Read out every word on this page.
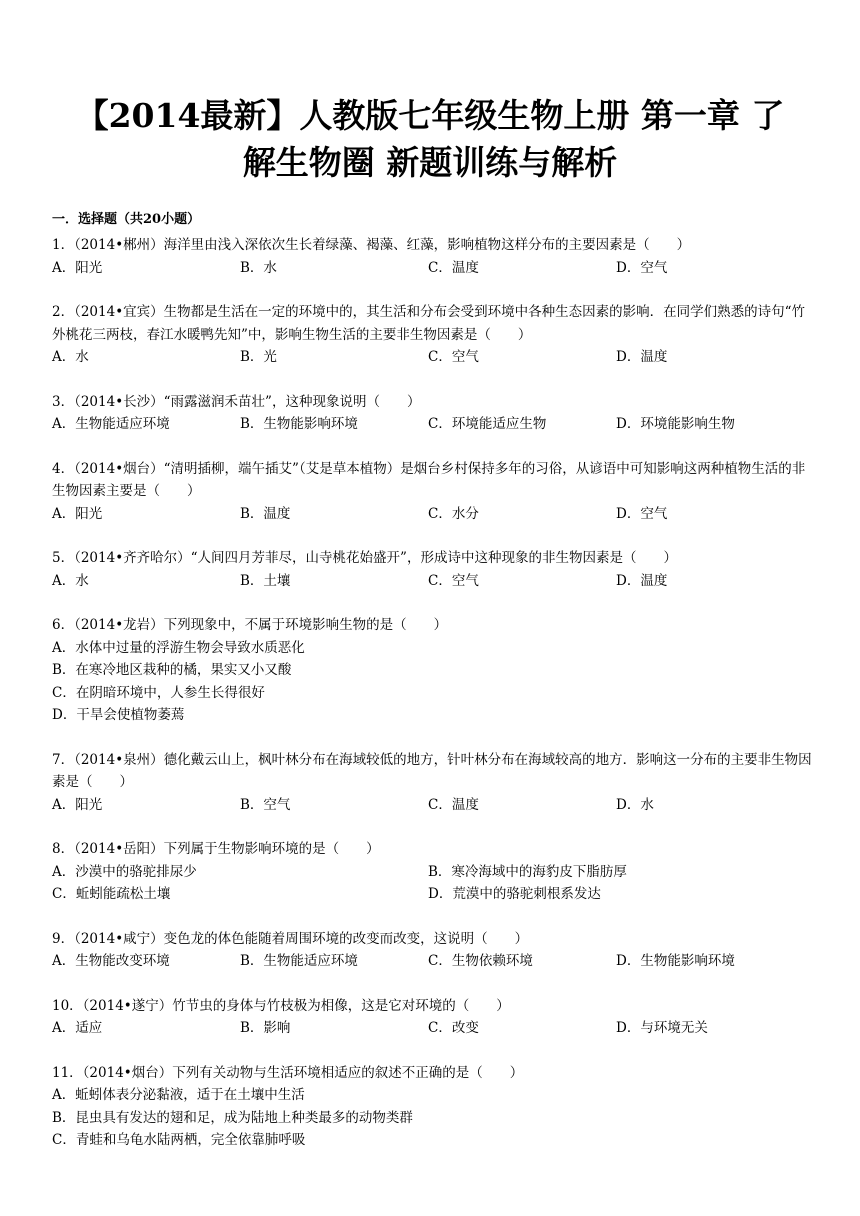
【2014最新】人教版七年级生物上册 第一章 了
解生物圈 新题训练与解析
一．选择题（共20小题）
1．（2014•郴州）海洋里由浅入深依次生长着绿藻、褐藻、红藻，影响植物这样分布的主要因素是（　　）
A．阳光	B．水	C．温度	D．空气
2．（2014•宜宾）生物都是生活在一定的环境中的，其生活和分布会受到环境中各种生态因素的影响．在同学们熟悉的诗句“竹外桃花三两枝，春江水暖鸭先知”中，影响生物生活的主要非生物因素是（　　）
A．水	B．光	C．空气	D．温度
3．（2014•长沙）“雨露滋润禾苗壮”，这种现象说明（　　）
A．生物能适应环境	B．生物能影响环境	C．环境能适应生物	D．环境能影响生物
4．（2014•烟台）“清明插柳，端午插艾”（艾是草本植物）是烟台乡村保持多年的习俗，从谚语中可知影响这两种植物生活的非生物因素主要是（　　）
A．阳光	B．温度	C．水分	D．空气
5．（2014•齐齐哈尔）“人间四月芳菲尽，山寺桃花始盛开”，形成诗中这种现象的非生物因素是（　　）
A．水	B．土壤	C．空气	D．温度
6．（2014•龙岩）下列现象中，不属于环境影响生物的是（　　）
A．水体中过量的浮游生物会导致水质恶化
B．在寒冷地区栽种的橘，果实又小又酸
C．在阴暗环境中，人参生长得很好
D．干旱会使植物萎蔫
7．（2014•泉州）德化戴云山上，枫叶林分布在海域较低的地方，针叶林分布在海域较高的地方．影响这一分布的主要非生物因素是（　　）
A．阳光	B．空气	C．温度	D．水
8．（2014•岳阳）下列属于生物影响环境的是（　　）
A．沙漠中的骆驼排尿少	B．寒冷海域中的海豹皮下脂肪厚
C．蚯蚓能疏松土壤	D．荒漠中的骆驼刺根系发达
9．（2014•咸宁）变色龙的体色能随着周围环境的改变而改变，这说明（　　）
A．生物能改变环境	B．生物能适应环境	C．生物依赖环境	D．生物能影响环境
10．（2014•遂宁）竹节虫的身体与竹枝极为相像，这是它对环境的（　　）
A．适应	B．影响	C．改变	D．与环境无关
11．（2014•烟台）下列有关动物与生活环境相适应的叙述不正确的是（　　）
A．蚯蚓体表分泌黏液，适于在土壤中生活
B．昆虫具有发达的翅和足，成为陆地上种类最多的动物类群
C．青蛙和乌龟水陆两栖，完全依靠肺呼吸
